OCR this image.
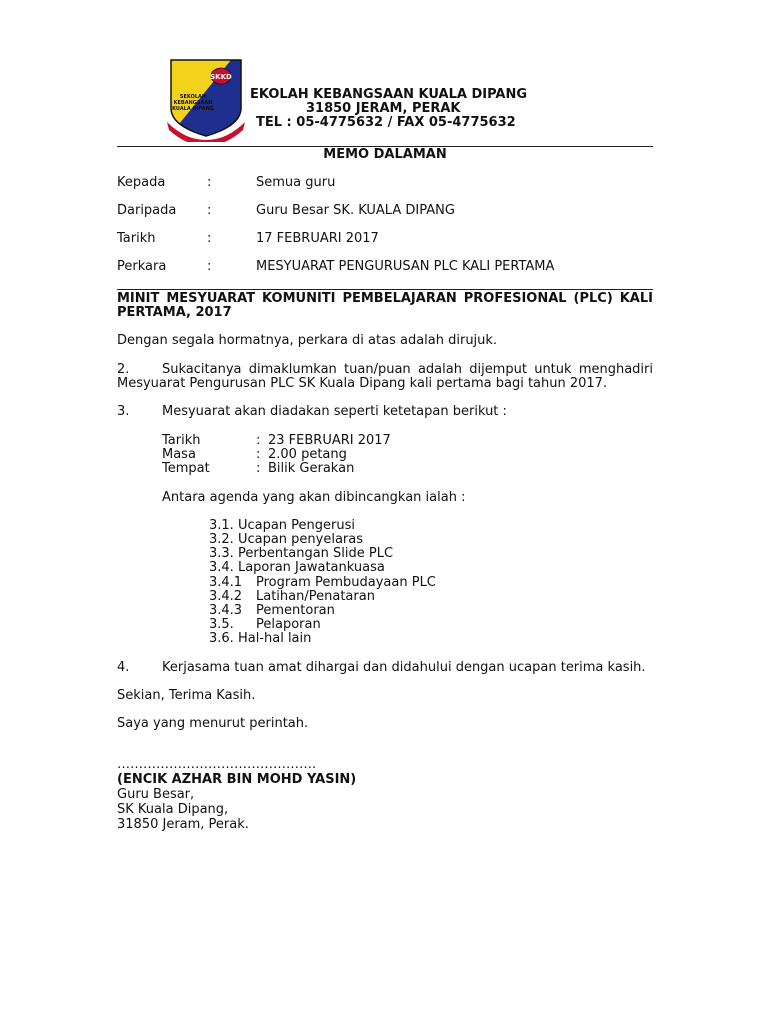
SKKD
SEKOLAH
KEBANGSAAN
KUALA DIPANG
EKOLAH KEBANGSAAN KUALA DIPANG
31850 JERAM, PERAK
TEL : 05-4775632 / FAX 05-4775632
MEMO DALAMAN
Kepada	:	Semua guru
Daripada :	Guru Besar SK. KUALA DIPANG
Tarikh	:	17 FEBRUARI 2017
Perkara	:	MESYUARAT PENGURUSAN PLC KALI PERTAMA
MINIT MESYUARAT KOMUNITI PEMBELAJARAN PROFESIONAL (PLC) KALI
PERTAMA, 2017
Dengan segala hormatnya, perkara di atas adalah dirujuk.
2.	Sukacitanya dimaklumkan tuan/puan adalah dijemput untuk menghadiri
Mesyuarat Pengurusan PLC SK Kuala Dipang kali pertama bagi tahun 2017.
3.	Mesyuarat akan diadakan seperti ketetapan berikut :
Tarikh	: 23 FEBRUARI 2017
Masa	: 2.00 petang
Tempat	: Bilik Gerakan
Antara agenda yang akan dibincangkan ialah :
3.1. Ucapan Pengerusi
3.2. Ucapan penyelaras
3.3. Perbentangan Slide PLC
3.4. Laporan Jawatankuasa
3.4.1 Program Pembudayaan PLC
3.4.2 Latihan/Penataran
3.4.3 Pementoran
3.5. Pelaporan
3.6. Hal-hal lain
4.	Kerjasama tuan amat dihargai dan didahului dengan ucapan terima kasih.
Sekian, Terima Kasih.
Saya yang menurut perintah.
……………………………………….
(ENCIK AZHAR BIN MOHD YASIN)
Guru Besar,
SK Kuala Dipang,
31850 Jeram, Perak.
